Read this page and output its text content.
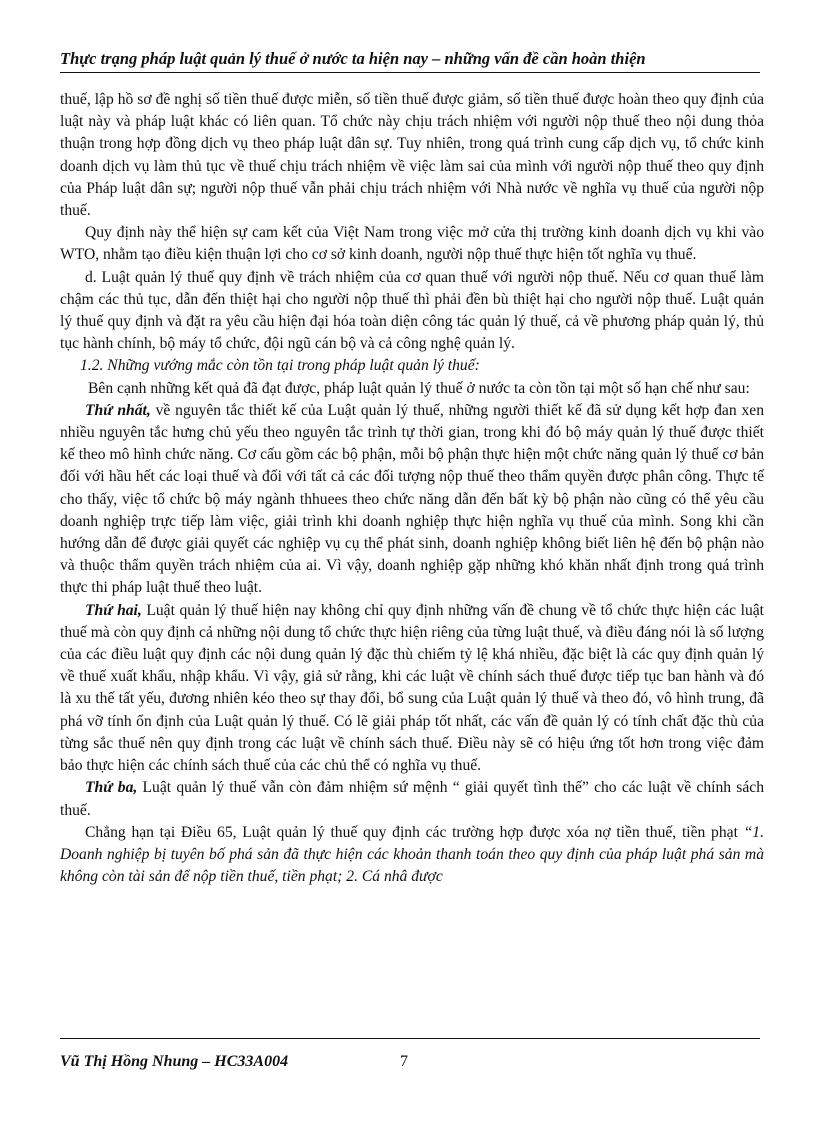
Thực trạng pháp luật quản lý thuế ở nước ta hiện nay – những vấn đề cần hoàn thiện

thuế, lập hồ sơ đề nghị số tiền thuế được miễn, số tiền thuế được giảm, số tiền thuế được hoàn theo quy định của luật này và pháp luật khác có liên quan. Tổ chức này chịu trách nhiệm với người nộp thuế theo nội dung thỏa thuận trong hợp đồng dịch vụ theo pháp luật dân sự. Tuy nhiên, trong quá trình cung cấp dịch vụ, tổ chức kinh doanh dịch vụ làm thủ tục về thuế chịu trách nhiệm về việc làm sai của mình với người nộp thuế theo quy định của Pháp luật dân sự; người nộp thuế vẫn phải chịu trách nhiệm với Nhà nước về nghĩa vụ thuế của người nộp thuế.

Quy định này thể hiện sự cam kết của Việt Nam trong việc mở cửa thị trường kinh doanh dịch vụ khi vào WTO, nhằm tạo điều kiện thuận lợi cho cơ sở kinh doanh, người nộp thuế thực hiện tốt nghĩa vụ thuế.

d. Luật quản lý thuế quy định về trách nhiệm của cơ quan thuế với người nộp thuế. Nếu cơ quan thuế làm chậm các thủ tục, dẫn đến thiệt hại cho người nộp thuế thì phải đền bù thiệt hại cho người nộp thuế. Luật quản lý thuế quy định và đặt ra yêu cầu hiện đại hóa toàn diện công tác quản lý thuế, cả về phương pháp quản lý, thủ tục hành chính, bộ máy tổ chức, đội ngũ cán bộ và cả công nghệ quản lý.

1.2. Những vướng mắc còn tồn tại trong pháp luật quản lý thuế:

Bên cạnh những kết quả đã đạt được, pháp luật quản lý thuế ở nước ta còn tồn tại một số hạn chế như sau:

Thứ nhất, về nguyên tắc thiết kế của Luật quản lý thuế, những người thiết kế đã sử dụng kết hợp đan xen nhiều nguyên tắc hưng chủ yếu theo nguyên tắc trình tự thời gian, trong khi đó bộ máy quản lý thuế được thiết kế theo mô hình chức năng. Cơ cấu gồm các bộ phận, mỗi bộ phận thực hiện một chức năng quản lý thuế cơ bản đối với hầu hết các loại thuế và đối với tất cả các đối tượng nộp thuế theo thẩm quyền được phân công. Thực tế cho thấy, việc tổ chức bộ máy ngành thhuees theo chức năng dẫn đến bất kỳ bộ phận nào cũng có thể yêu cầu doanh nghiệp trực tiếp làm việc, giải trình khi doanh nghiệp thực hiện nghĩa vụ thuế của mình. Song khi cần hướng dẫn để được giải quyết các nghiệp vụ cụ thể phát sinh, doanh nghiệp không biết liên hệ đến bộ phận nào và thuộc thẩm quyền trách nhiệm của ai. Vì vậy, doanh nghiệp gặp những khó khăn nhất định trong quá trình thực thi pháp luật thuế theo luật.

Thứ hai, Luật quản lý thuế hiện nay không chỉ quy định những vấn đề chung về tổ chức thực hiện các luật thuế mà còn quy định cả những nội dung tổ chức thực hiện riêng của từng luật thuế, và điều đáng nói là số lượng của các điều luật quy định các nội dung quản lý đặc thù chiếm tỷ lệ khá nhiều, đặc biệt là các quy định quản lý về thuế xuất khẩu, nhập khẩu. Vì vậy, giả sử rằng, khi các luật về chính sách thuế được tiếp tục ban hành và đó là xu thế tất yếu, đương nhiên kéo theo sự thay đổi, bổ sung của Luật quản lý thuế và theo đó, vô hình trung, đã phá vỡ tính ổn định của Luật quản lý thuế. Có lẽ giải pháp tốt nhất, các vấn đề quản lý có tính chất đặc thù của từng sắc thuế nên quy định trong các luật về chính sách thuế. Điều này sẽ có hiệu ứng tốt hơn trong việc đảm bảo thực hiện các chính sách thuế của các chủ thể có nghĩa vụ thuế.

Thứ ba, Luật quản lý thuế vẫn còn đảm nhiệm sứ mệnh “ giải quyết tình thế” cho các luật về chính sách thuế.

Chẳng hạn tại Điều 65, Luật quản lý thuế quy định các trường hợp được xóa nợ tiền thuế, tiền phạt “1. Doanh nghiệp bị tuyên bố phá sản đã thực hiện các khoản thanh toán theo quy định của pháp luật phá sản mà không còn tài sản để nộp tiền thuế, tiền phạt; 2. Cá nhâ được

Vũ Thị Hồng Nhung – HC33A004	7
